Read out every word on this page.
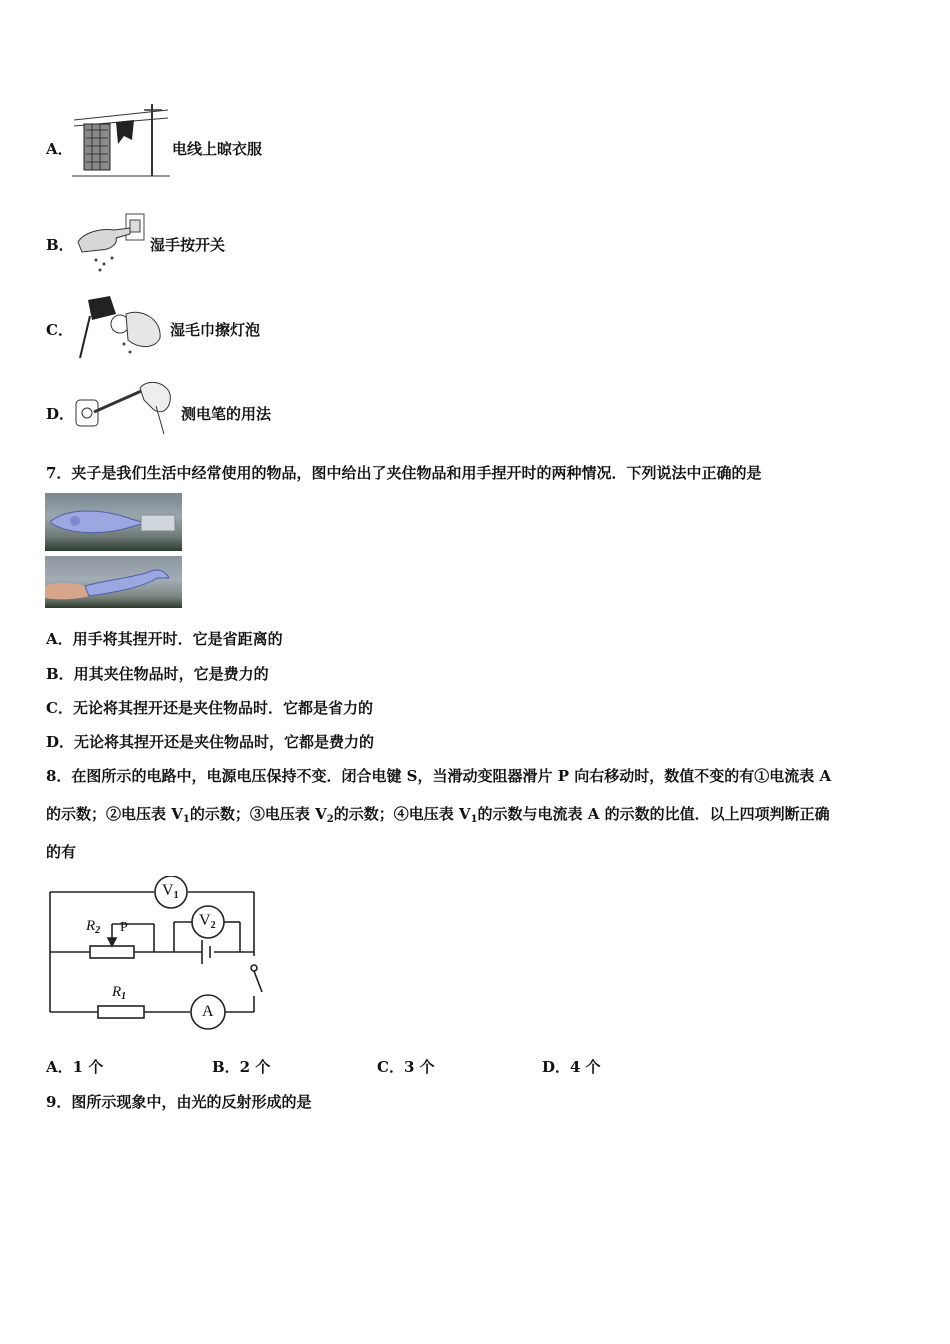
A．	电线上晾衣服
B．	湿手按开关
C．	湿毛巾擦灯泡
D．	测电笔的用法
7．夹子是我们生活中经常使用的物品，图中给出了夹住物品和用手捏开时的两种情况．下列说法中正确的是
A．用手将其捏开时．它是省距离的
B．用其夹住物品时，它是费力的
C．无论将其捏开还是夹住物品时．它都是省力的
D．无论将其捏开还是夹住物品时，它都是费力的
8．在图所示的电路中，电源电压保持不变．闭合电键 S，当滑动变阻器滑片 P 向右移动时，数值不变的有①电流表 A
的示数；②电压表 $V_1$的示数；③电压表 $V_2$的示数；④电压表 $V_1$的示数与电流表 A 的示数的比值．以上四项判断正确
的有
$V_1$
$V_2$
$R_2$ P
$R_1$
A
A．1 个	B．2 个	C．3 个	D．4 个
9．图所示现象中，由光的反射形成的是
